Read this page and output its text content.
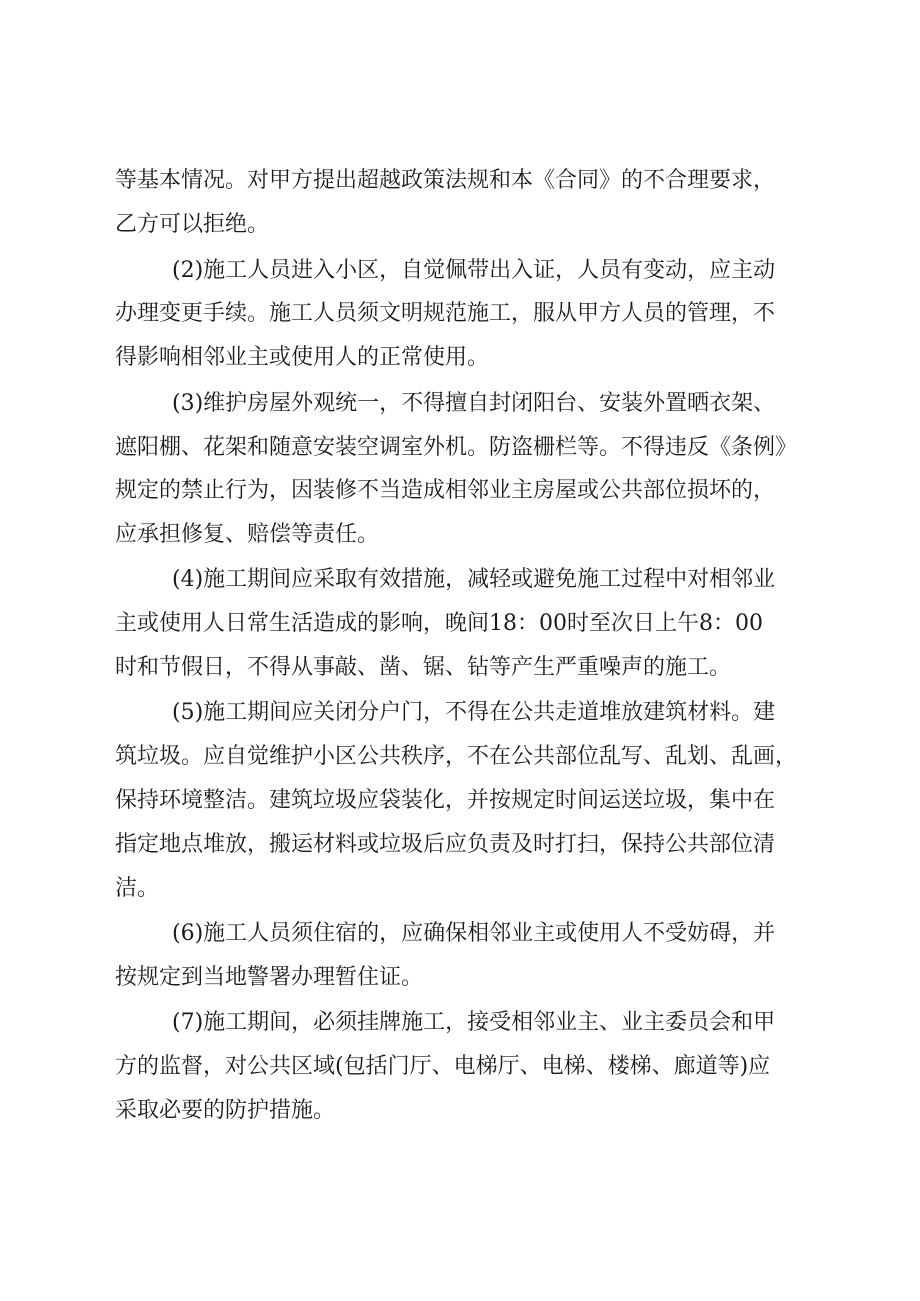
等基本情况。对甲方提出超越政策法规和本《合同》的不合理要求，
乙方可以拒绝。
(2)施工人员进入小区，自觉佩带出入证，人员有变动，应主动
办理变更手续。施工人员须文明规范施工，服从甲方人员的管理，不
得影响相邻业主或使用人的正常使用。
(3)维护房屋外观统一，不得擅自封闭阳台、安装外置晒衣架、
遮阳棚、花架和随意安装空调室外机。防盗栅栏等。不得违反《条例》
规定的禁止行为，因装修不当造成相邻业主房屋或公共部位损坏的，
应承担修复、赔偿等责任。
(4)施工期间应采取有效措施，减轻或避免施工过程中对相邻业
主或使用人日常生活造成的影响，晚间18：00时至次日上午8：00
时和节假日，不得从事敲、凿、锯、钻等产生严重噪声的施工。
(5)施工期间应关闭分户门，不得在公共走道堆放建筑材料。建
筑垃圾。应自觉维护小区公共秩序，不在公共部位乱写、乱划、乱画，
保持环境整洁。建筑垃圾应袋装化，并按规定时间运送垃圾，集中在
指定地点堆放，搬运材料或垃圾后应负责及时打扫，保持公共部位清
洁。
(6)施工人员须住宿的，应确保相邻业主或使用人不受妨碍，并
按规定到当地警署办理暂住证。
(7)施工期间，必须挂牌施工，接受相邻业主、业主委员会和甲
方的监督，对公共区域(包括门厅、电梯厅、电梯、楼梯、廊道等)应
采取必要的防护措施。
